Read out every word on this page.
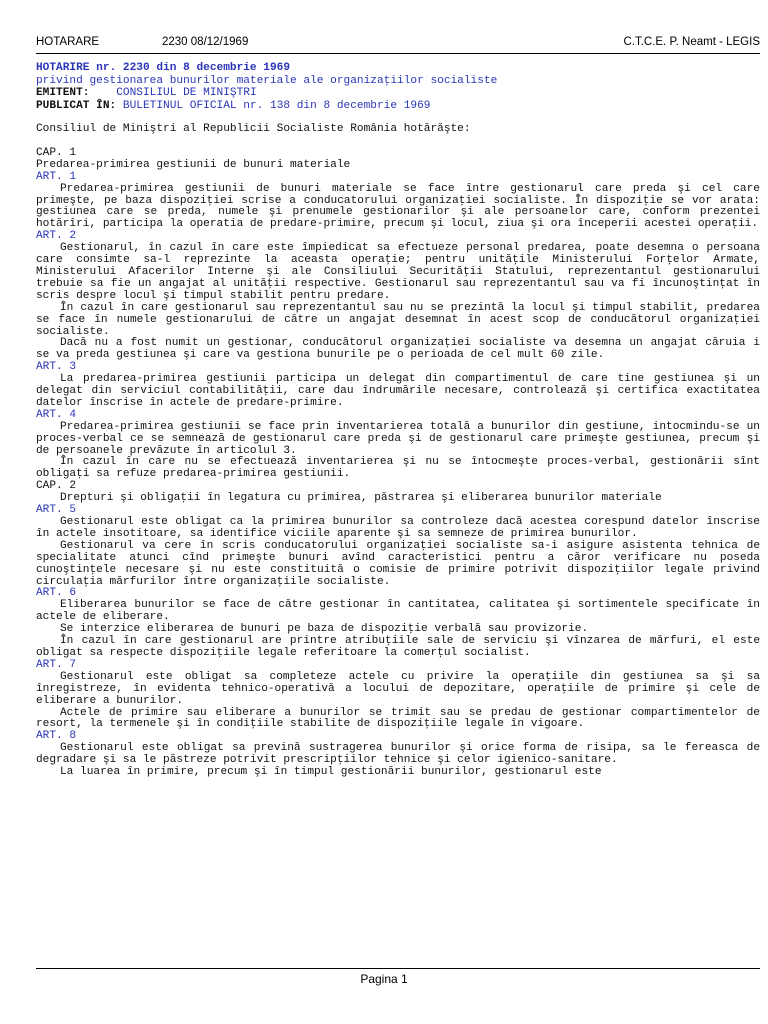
HOTARARE	2230 08/12/1969	C.T.C.E. P. Neamt - LEGIS

HOTĂRÎRE nr. 2230 din 8 decembrie 1969

privind gestionarea bunurilor materiale ale organizaţiilor socialiste

EMITENT: CONSILIUL DE MINIŞTRI

PUBLICAT ÎN: BULETINUL OFICIAL nr. 138 din 8 decembrie 1969

Consiliul de Miniştri al Republicii Socialiste România hotărăşte:

CAP. 1

Predarea-primirea gestiunii de bunuri materiale

ART. 1

Predarea-primirea gestiunii de bunuri materiale se face între gestionarul care preda şi cel care primeşte, pe baza dispoziţiei scrise a conducatorului organizaţiei socialiste. În dispoziţie se vor arata: gestiunea care se preda, numele şi prenumele gestionarilor şi ale persoanelor care, conform prezentei hotărîri, participa la operatia de predare-primire, precum şi locul, ziua şi ora începerii acestei operaţii.

ART. 2

Gestionarul, în cazul în care este împiedicat sa efectueze personal predarea, poate desemna o persoana care consimte sa-l reprezinte la aceasta operaţie; pentru unităţile Ministerului Forţelor Armate, Ministerului Afacerilor Interne şi ale Consiliului Securităţii Statului, reprezentantul gestionarului trebuie sa fie un angajat al unităţii respective. Gestionarul sau reprezentantul sau va fi încunoştinţat în scris despre locul şi timpul stabilit pentru predare.

În cazul în care gestionarul sau reprezentantul sau nu se prezintă la locul şi timpul stabilit, predarea se face în numele gestionarului de către un angajat desemnat în acest scop de conducătorul organizaţiei socialiste.

Dacă nu a fost numit un gestionar, conducătorul organizaţiei socialiste va desemna un angajat căruia i se va preda gestiunea şi care va gestiona bunurile pe o perioada de cel mult 60 zile.

ART. 3

La predarea-primirea gestiunii participa un delegat din compartimentul de care tine gestiunea şi un delegat din serviciul contabilităţii, care dau îndrumările necesare, controlează şi certifica exactitatea datelor înscrise în actele de predare-primire.

ART. 4

Predarea-primirea gestiunii se face prin inventarierea totală a bunurilor din gestiune, intocmindu-se un proces-verbal ce se semnează de gestionarul care preda şi de gestionarul care primeşte gestiunea, precum şi de persoanele prevăzute în articolul 3.

În cazul în care nu se efectuează inventarierea şi nu se întocmeşte proces-verbal, gestionării sînt obligaţi sa refuze predarea-primirea gestiunii.

CAP. 2

Drepturi şi obligaţii în legatura cu primirea, păstrarea şi eliberarea bunurilor materiale

ART. 5

Gestionarul este obligat ca la primirea bunurilor sa controleze dacă acestea corespund datelor înscrise în actele insotitoare, sa identifice viciile aparente şi sa semneze de primirea bunurilor.

Gestionarul va cere în scris conducatorului organizaţiei socialiste sa-i asigure asistenta tehnica de specialitate atunci cînd primeşte bunuri avînd caracteristici pentru a căror verificare nu poseda cunoştinţele necesare şi nu este constituită o comisie de primire potrivit dispoziţiilor legale privind circulaţia mărfurilor între organizaţiile socialiste.

ART. 6

Eliberarea bunurilor se face de către gestionar în cantitatea, calitatea şi sortimentele specificate în actele de eliberare.

Se interzice eliberarea de bunuri pe baza de dispoziţie verbală sau provizorie.

În cazul în care gestionarul are printre atribuţiile sale de serviciu şi vînzarea de mărfuri, el este obligat sa respecte dispoziţiile legale referitoare la comerţul socialist.

ART. 7

Gestionarul este obligat sa completeze actele cu privire la operaţiile din gestiunea sa şi sa înregistreze, în evidenta tehnico-operativă a locului de depozitare, operaţiile de primire şi cele de eliberare a bunurilor.

Actele de primire sau eliberare a bunurilor se trimit sau se predau de gestionar compartimentelor de resort, la termenele şi în condiţiile stabilite de dispoziţiile legale în vigoare.

ART. 8

Gestionarul este obligat sa prevină sustragerea bunurilor şi orice forma de risipa, sa le fereasca de degradare şi sa le păstreze potrivit prescripţiilor tehnice şi celor igienico-sanitare.

La luarea în primire, precum şi în timpul gestionării bunurilor, gestionarul este

Pagina 1
